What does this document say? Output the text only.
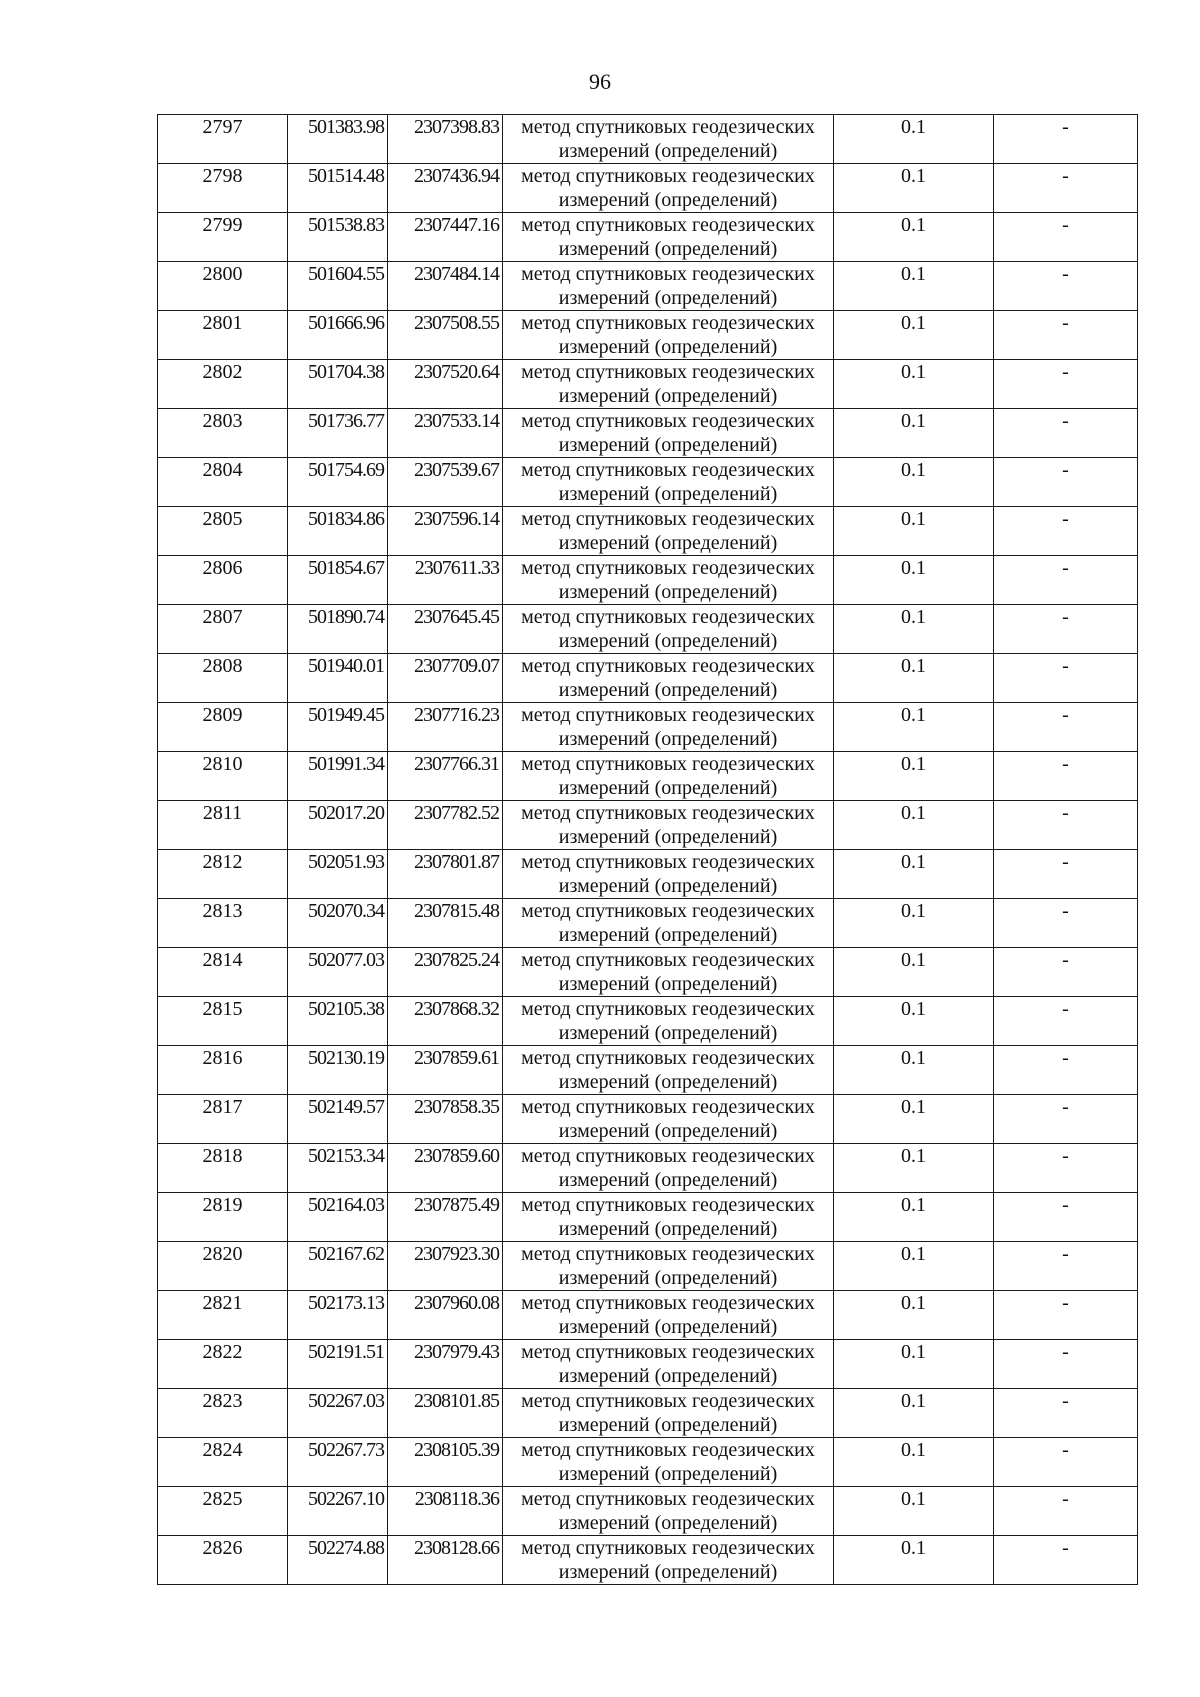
96
2797	501383.98	2307398.83	метод спутниковых геодезических
измерений (определений)	0.1	-
2798	501514.48	2307436.94	метод спутниковых геодезических
измерений (определений)	0.1	-
2799	501538.83	2307447.16	метод спутниковых геодезических
измерений (определений)	0.1	-
2800	501604.55	2307484.14	метод спутниковых геодезических
измерений (определений)	0.1	-
2801	501666.96	2307508.55	метод спутниковых геодезических
измерений (определений)	0.1	-
2802	501704.38	2307520.64	метод спутниковых геодезических
измерений (определений)	0.1	-
2803	501736.77	2307533.14	метод спутниковых геодезических
измерений (определений)	0.1	-
2804	501754.69	2307539.67	метод спутниковых геодезических
измерений (определений)	0.1	-
2805	501834.86	2307596.14	метод спутниковых геодезических
измерений (определений)	0.1	-
2806	501854.67	2307611.33	метод спутниковых геодезических
измерений (определений)	0.1	-
2807	501890.74	2307645.45	метод спутниковых геодезических
измерений (определений)	0.1	-
2808	501940.01	2307709.07	метод спутниковых геодезических
измерений (определений)	0.1	-
2809	501949.45	2307716.23	метод спутниковых геодезических
измерений (определений)	0.1	-
2810	501991.34	2307766.31	метод спутниковых геодезических
измерений (определений)	0.1	-
2811	502017.20	2307782.52	метод спутниковых геодезических
измерений (определений)	0.1	-
2812	502051.93	2307801.87	метод спутниковых геодезических
измерений (определений)	0.1	-
2813	502070.34	2307815.48	метод спутниковых геодезических
измерений (определений)	0.1	-
2814	502077.03	2307825.24	метод спутниковых геодезических
измерений (определений)	0.1	-
2815	502105.38	2307868.32	метод спутниковых геодезических
измерений (определений)	0.1	-
2816	502130.19	2307859.61	метод спутниковых геодезических
измерений (определений)	0.1	-
2817	502149.57	2307858.35	метод спутниковых геодезических
измерений (определений)	0.1	-
2818	502153.34	2307859.60	метод спутниковых геодезических
измерений (определений)	0.1	-
2819	502164.03	2307875.49	метод спутниковых геодезических
измерений (определений)	0.1	-
2820	502167.62	2307923.30	метод спутниковых геодезических
измерений (определений)	0.1	-
2821	502173.13	2307960.08	метод спутниковых геодезических
измерений (определений)	0.1	-
2822	502191.51	2307979.43	метод спутниковых геодезических
измерений (определений)	0.1	-
2823	502267.03	2308101.85	метод спутниковых геодезических
измерений (определений)	0.1	-
2824	502267.73	2308105.39	метод спутниковых геодезических
измерений (определений)	0.1	-
2825	502267.10	2308118.36	метод спутниковых геодезических
измерений (определений)	0.1	-
2826	502274.88	2308128.66	метод спутниковых геодезических
измерений (определений)	0.1	-
